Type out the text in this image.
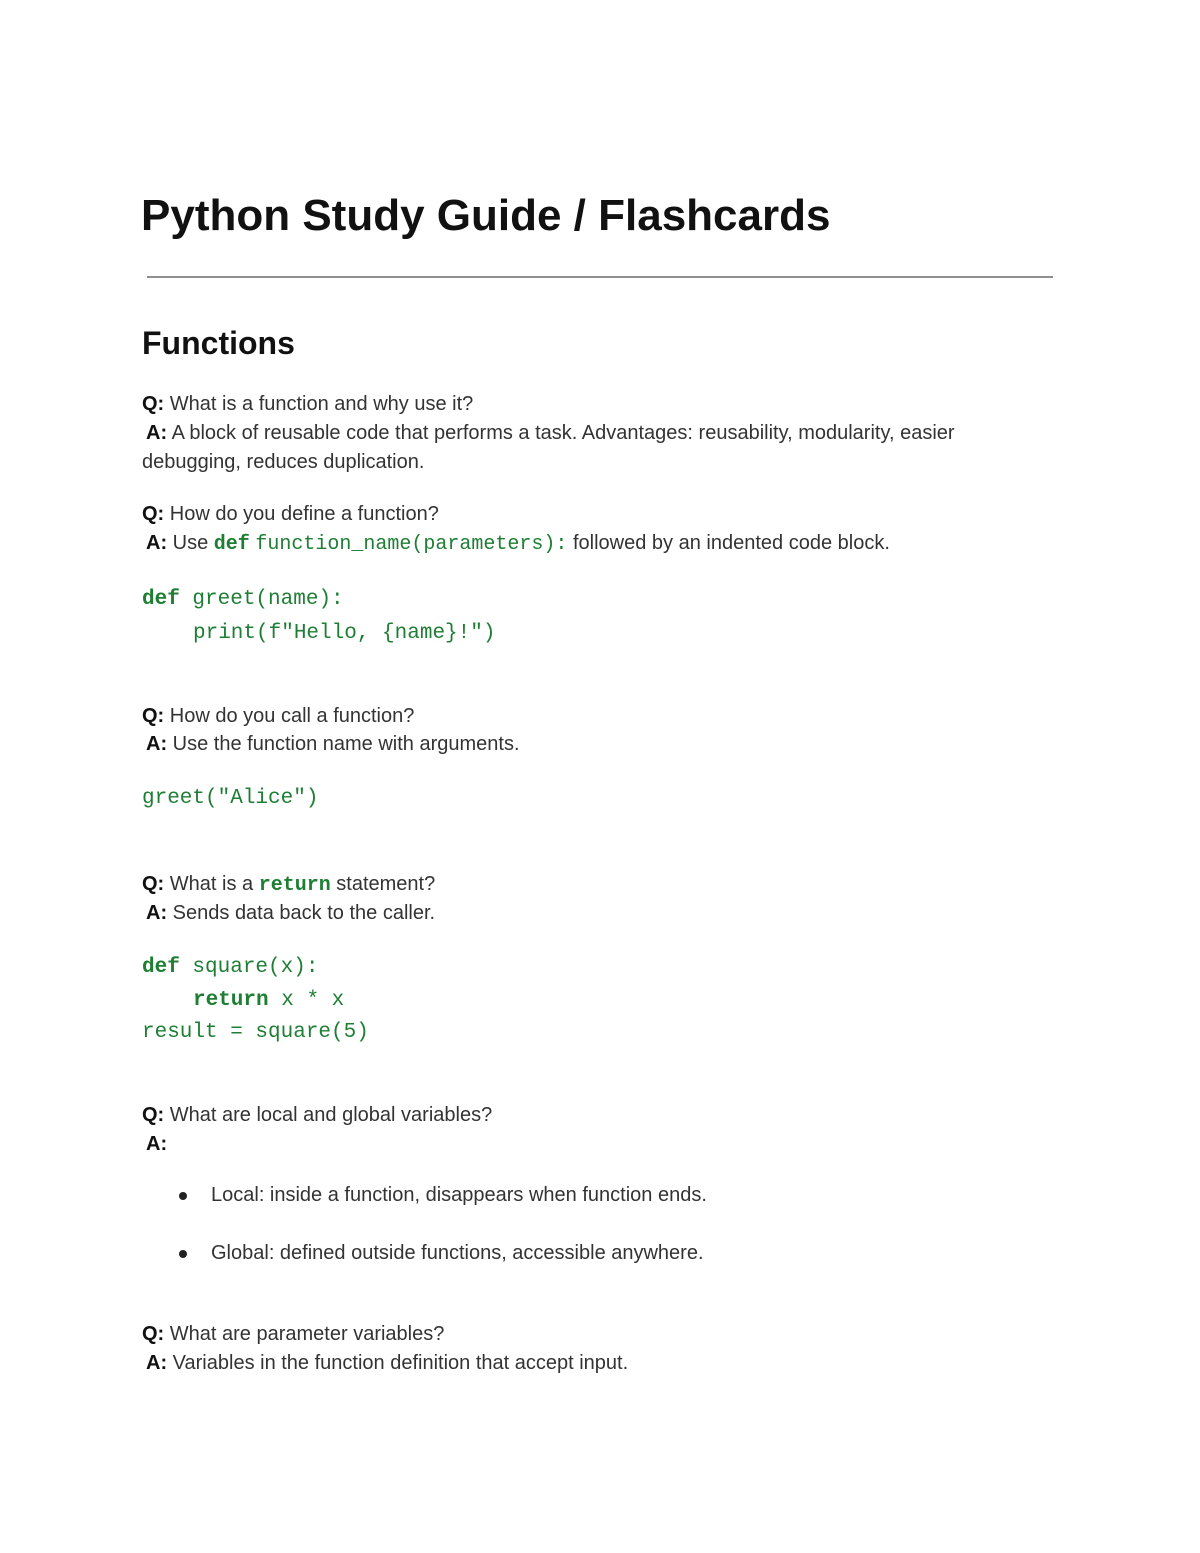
Python Study Guide / Flashcards
Functions
Q: What is a function and why use it?
A: A block of reusable code that performs a task. Advantages: reusability, modularity, easier
debugging, reduces duplication.
Q: How do you define a function?
A: Use def function_name(parameters): followed by an indented code block.
def greet(name):
print(f"Hello, {name}!")
Q: How do you call a function?
A: Use the function name with arguments.
greet("Alice")
Q: What is a return statement?
A: Sends data back to the caller.
def square(x):
return x * x
result = square(5)
Q: What are local and global variables?
A:
Local: inside a function, disappears when function ends.
Global: defined outside functions, accessible anywhere.
Q: What are parameter variables?
A: Variables in the function definition that accept input.
